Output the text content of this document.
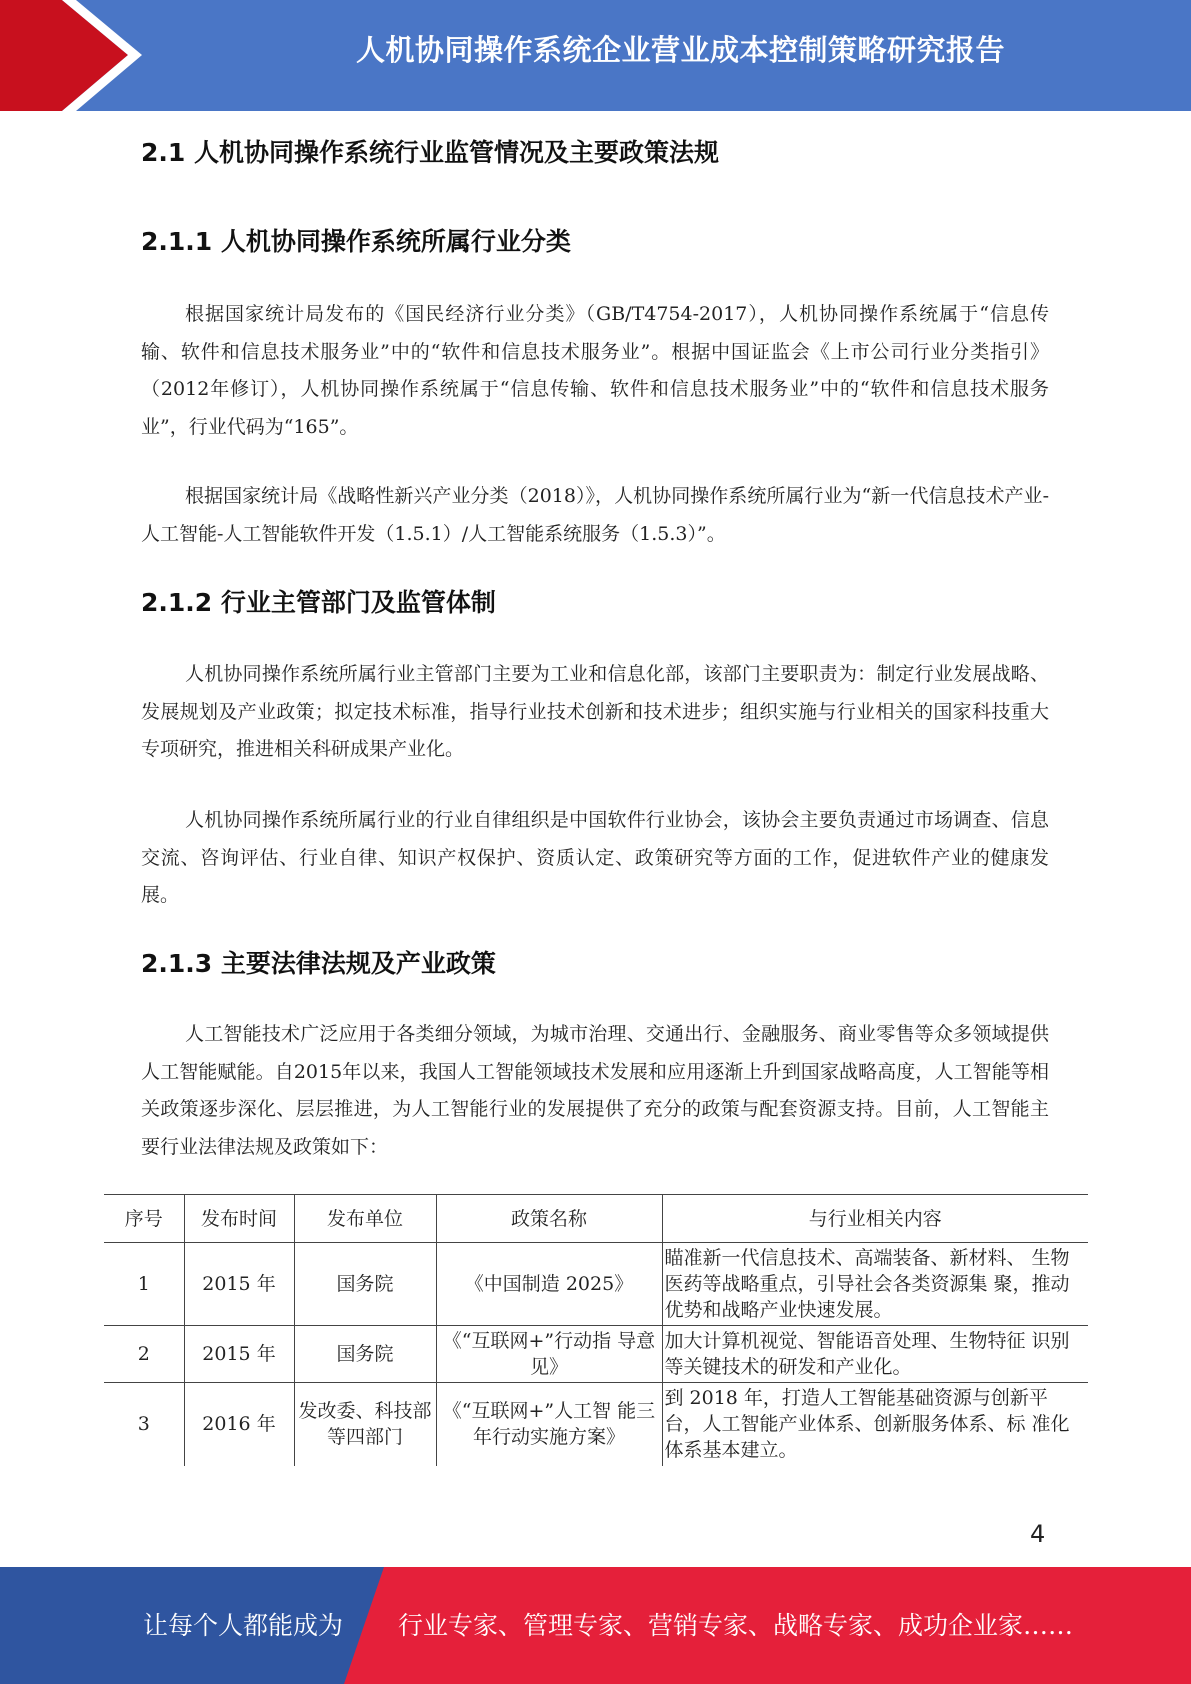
人机协同操作系统企业营业成本控制策略研究报告
2.1 人机协同操作系统行业监管情况及主要政策法规
2.1.1 人机协同操作系统所属行业分类

根据国家统计局发布的《国民经济行业分类》（GB/T4754-2017），人机协同操作系统属于“信息传输、软件和信息技术服务业”中的“软件和信息技术服务业”。根据中国证监会《上市公司行业分类指引》（2012年修订），人机协同操作系统属于“信息传输、软件和信息技术服务业”中的“软件和信息技术服务业”，行业代码为“165”。

根据国家统计局《战略性新兴产业分类（2018）》，人机协同操作系统所属行业为“新一代信息技术产业-人工智能-人工智能软件开发（1.5.1）/人工智能系统服务（1.5.3）”。

2.1.2 行业主管部门及监管体制

人机协同操作系统所属行业主管部门主要为工业和信息化部，该部门主要职责为：制定行业发展战略、发展规划及产业政策；拟定技术标准，指导行业技术创新和技术进步；组织实施与行业相关的国家科技重大专项研究，推进相关科研成果产业化。

人机协同操作系统所属行业的行业自律组织是中国软件行业协会，该协会主要负责通过市场调查、信息交流、咨询评估、行业自律、知识产权保护、资质认定、政策研究等方面的工作，促进软件产业的健康发展。

2.1.3 主要法律法规及产业政策

人工智能技术广泛应用于各类细分领域，为城市治理、交通出行、金融服务、商业零售等众多领域提供人工智能赋能。自2015年以来，我国人工智能领域技术发展和应用逐渐上升到国家战略高度，人工智能等相关政策逐步深化、层层推进，为人工智能行业的发展提供了充分的政策与配套资源支持。目前，人工智能主要行业法律法规及政策如下：

序号	发布时间	发布单位	政策名称	与行业相关内容
1	2015 年	国务院	《中国制造 2025》	瞄准新一代信息技术、高端装备、新材料、 生物医药等战略重点，引导社会各类资源集 聚，推动优势和战略产业快速发展。
2	2015 年	国务院	《“互联网+”行动指 导意见》	加大计算机视觉、智能语音处理、生物特征 识别等关键技术的研发和产业化。
3	2016 年	发改委、科技部等四部门	《“互联网+”人工智 能三年行动实施方案》	到 2018 年，打造人工智能基础资源与创新平 台，人工智能产业体系、创新服务体系、标 准化体系基本建立。
4
让每个人都能成为 行业专家、管理专家、营销专家、战略专家、成功企业家……
